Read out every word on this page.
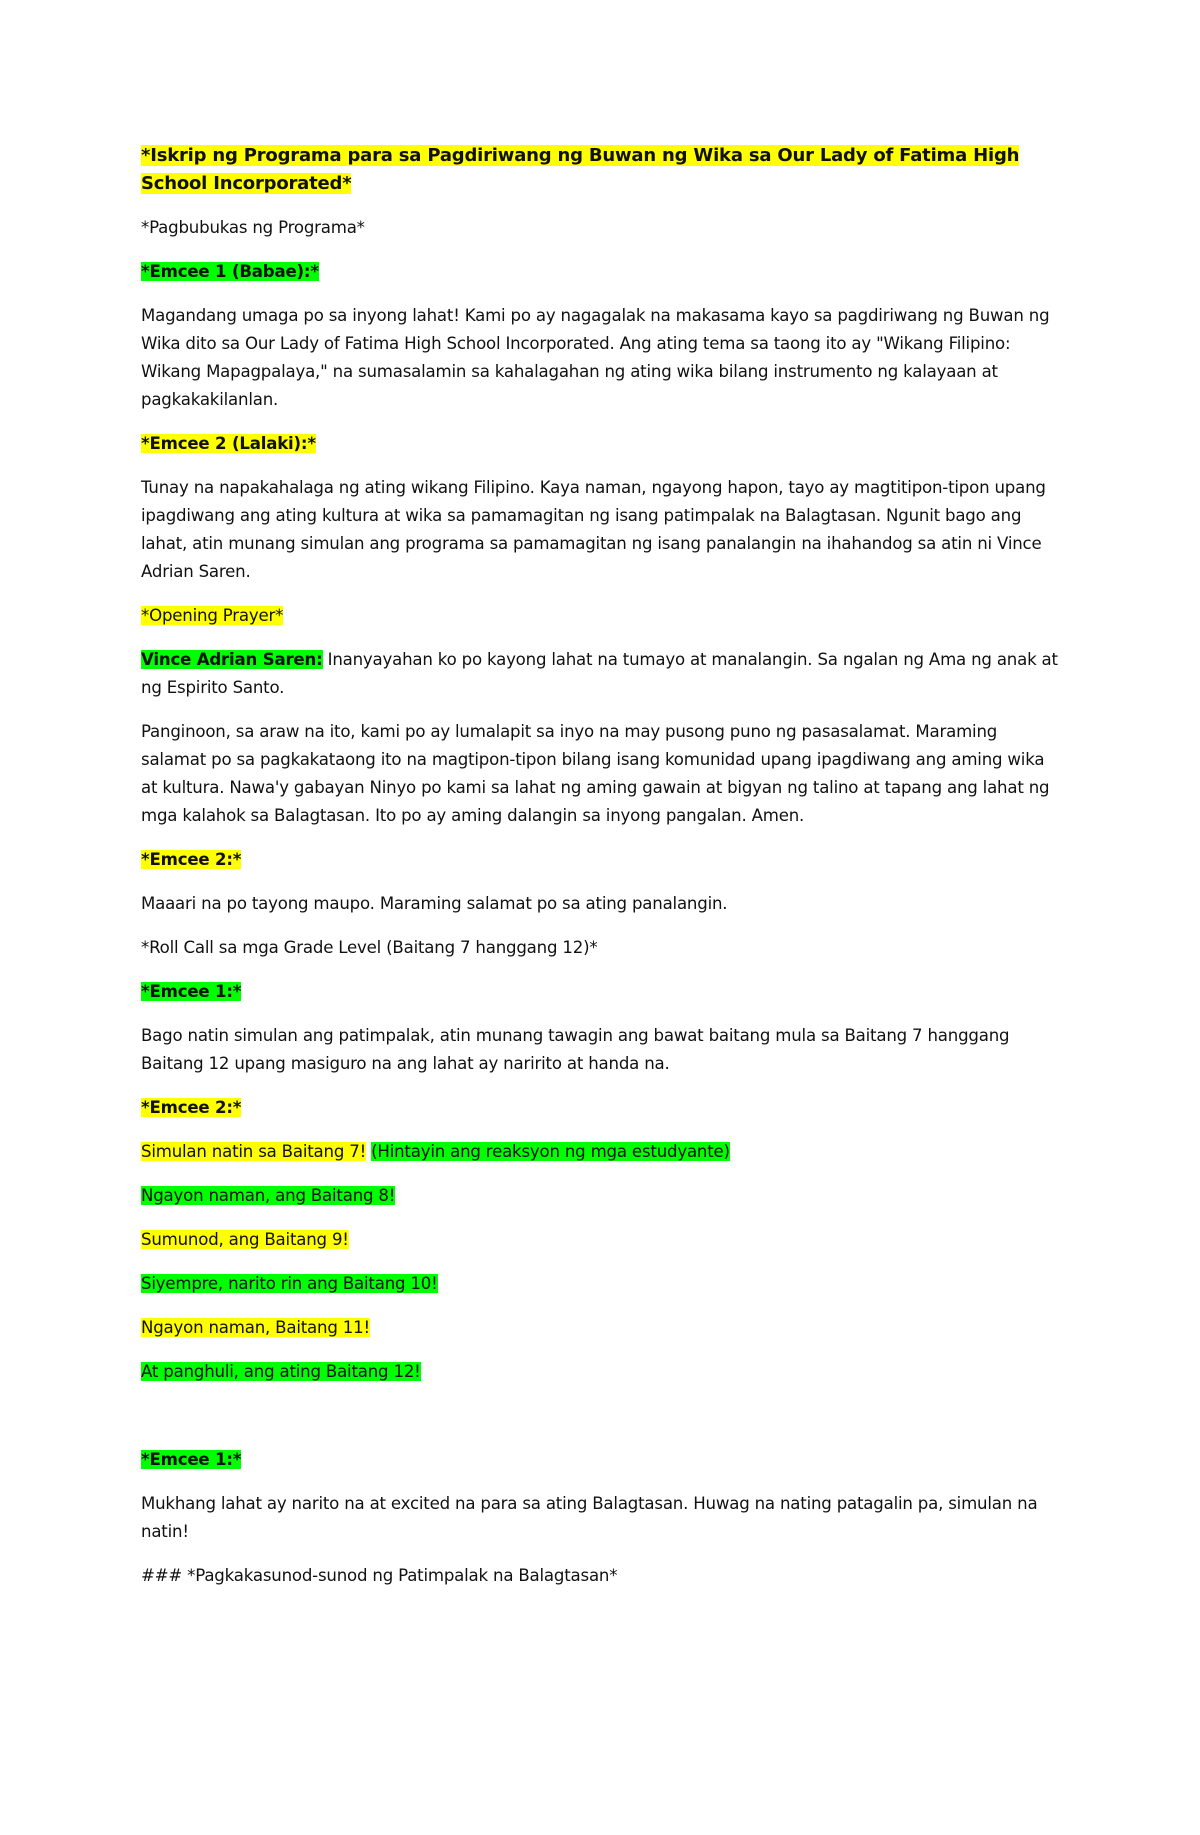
*Iskrip ng Programa para sa Pagdiriwang ng Buwan ng Wika sa Our Lady of Fatima High School Incorporated*

*Pagbubukas ng Programa*

*Emcee 1 (Babae):*

Magandang umaga po sa inyong lahat! Kami po ay nagagalak na makasama kayo sa pagdiriwang ng Buwan ng Wika dito sa Our Lady of Fatima High School Incorporated. Ang ating tema sa taong ito ay "Wikang Filipino: Wikang Mapagpalaya," na sumasalamin sa kahalagahan ng ating wika bilang instrumento ng kalayaan at pagkakakilanlan.

*Emcee 2 (Lalaki):*

Tunay na napakahalaga ng ating wikang Filipino. Kaya naman, ngayong hapon, tayo ay magtitipon-tipon upang ipagdiwang ang ating kultura at wika sa pamamagitan ng isang patimpalak na Balagtasan. Ngunit bago ang lahat, atin munang simulan ang programa sa pamamagitan ng isang panalangin na ihahandog sa atin ni Vince Adrian Saren.

*Opening Prayer*

Vince Adrian Saren: Inanyayahan ko po kayong lahat na tumayo at manalangin. Sa ngalan ng Ama ng anak at ng Espirito Santo.

Panginoon, sa araw na ito, kami po ay lumalapit sa inyo na may pusong puno ng pasasalamat. Maraming salamat po sa pagkakataong ito na magtipon-tipon bilang isang komunidad upang ipagdiwang ang aming wika at kultura. Nawa'y gabayan Ninyo po kami sa lahat ng aming gawain at bigyan ng talino at tapang ang lahat ng mga kalahok sa Balagtasan. Ito po ay aming dalangin sa inyong pangalan. Amen.

*Emcee 2:*

Maaari na po tayong maupo. Maraming salamat po sa ating panalangin.

*Roll Call sa mga Grade Level (Baitang 7 hanggang 12)*

*Emcee 1:*

Bago natin simulan ang patimpalak, atin munang tawagin ang bawat baitang mula sa Baitang 7 hanggang Baitang 12 upang masiguro na ang lahat ay naririto at handa na.

*Emcee 2:*

Simulan natin sa Baitang 7! (Hintayin ang reaksyon ng mga estudyante)

Ngayon naman, ang Baitang 8!

Sumunod, ang Baitang 9!

Siyempre, narito rin ang Baitang 10!

Ngayon naman, Baitang 11!

At panghuli, ang ating Baitang 12!

*Emcee 1:*

Mukhang lahat ay narito na at excited na para sa ating Balagtasan. Huwag na nating patagalin pa, simulan na natin!

### *Pagkakasunod-sunod ng Patimpalak na Balagtasan*
